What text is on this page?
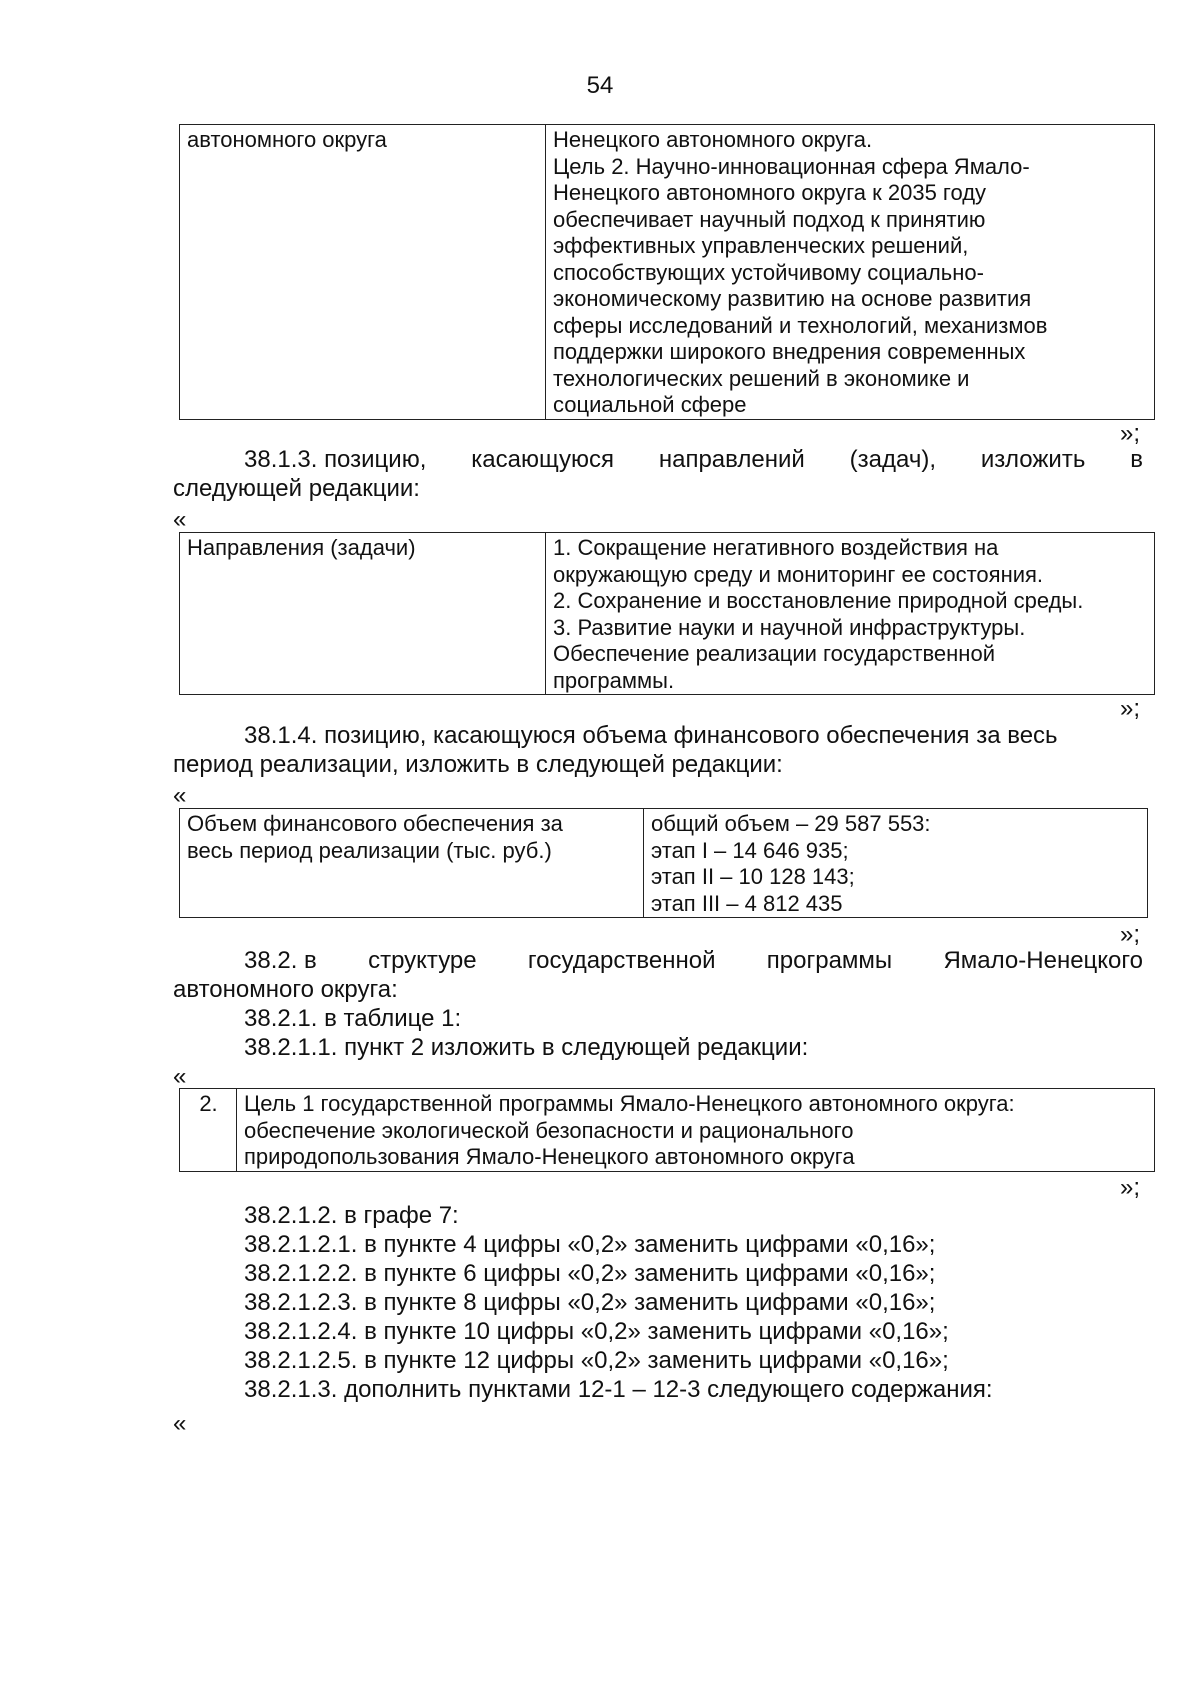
54
автономного округа	Ненецкого автономного округа.
Цель 2. Научно-инновационная сфера Ямало-
Ненецкого автономного округа к 2035 году
обеспечивает научный подход к принятию
эффективных управленческих решений,
способствующих устойчивому социально-
экономическому развитию на основе развития
сферы исследований и технологий, механизмов
поддержки широкого внедрения современных
технологических решений в экономике и
социальной сфере
»;
38.1.3. позицию, касающуюся направлений (задач), изложить в
следующей редакции:
«
Направления (задачи)	1. Сокращение негативного воздействия на
окружающую среду и мониторинг ее состояния.
2. Сохранение и восстановление природной среды.
3. Развитие науки и научной инфраструктуры.
Обеспечение реализации государственной
программы.
»;
38.1.4. позицию, касающуюся объема финансового обеспечения за весь
период реализации, изложить в следующей редакции:
«
Объем финансового обеспечения за
весь период реализации (тыс. руб.)

общий объем – 29 587 553:
этап I – 14 646 935;
этап II – 10 128 143;
этап III – 4 812 435
»;
38.2. в структуре государственной программы Ямало-Ненецкого
автономного округа:
38.2.1. в таблице 1:
38.2.1.1. пункт 2 изложить в следующей редакции:
«
2.	Цель 1 государственной программы Ямало-Ненецкого автономного округа:
обеспечение экологической безопасности и рационального
природопользования Ямало-Ненецкого автономного округа
»;
38.2.1.2. в графе 7:
38.2.1.2.1. в пункте 4 цифры «0,2» заменить цифрами «0,16»;
38.2.1.2.2. в пункте 6 цифры «0,2» заменить цифрами «0,16»;
38.2.1.2.3. в пункте 8 цифры «0,2» заменить цифрами «0,16»;
38.2.1.2.4. в пункте 10 цифры «0,2» заменить цифрами «0,16»;
38.2.1.2.5. в пункте 12 цифры «0,2» заменить цифрами «0,16»;
38.2.1.3. дополнить пунктами 12-1 – 12-3 следующего содержания:
«
